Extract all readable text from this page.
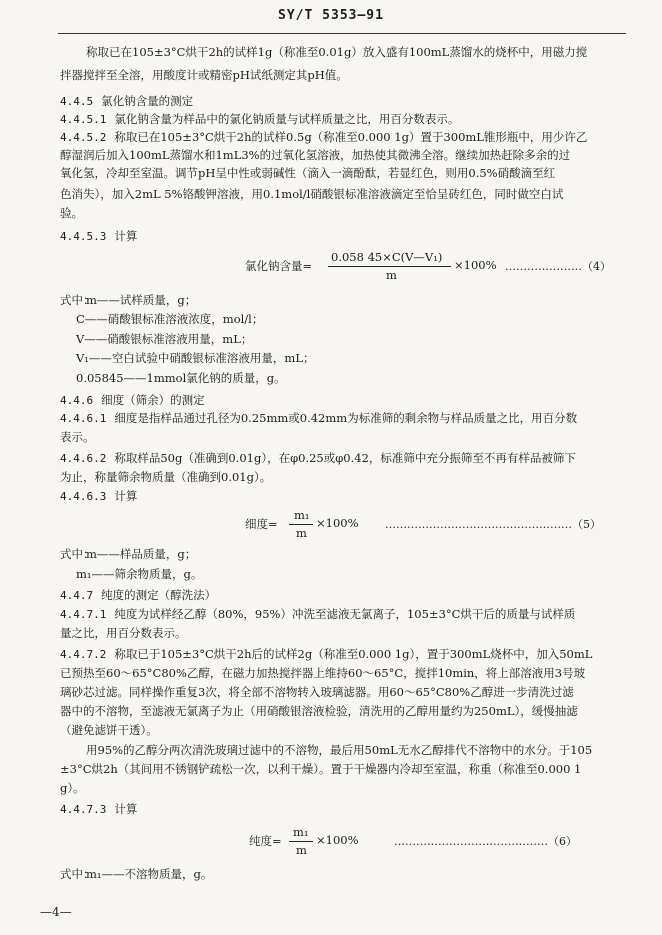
SY/T 5353—91
称取已在105±3°C烘干2h的试样1g（称准至0.01g）放入盛有100mL蒸馏水的烧杯中，用磁力搅
拌器搅拌至全溶，用酸度计或精密pH试纸测定其pH值。
4.4.5 氯化钠含量的测定
4.4.5.1 氯化钠含量为样品中的氯化钠质量与试样质量之比，用百分数表示。
4.4.5.2 称取已在105±3°C烘干2h的试样0.5g（称准至0.000 1g）置于300mL锥形瓶中，用少许乙
醇湿润后加入100mL蒸馏水和1mL3%的过氧化氢溶液，加热使其微沸全溶。继续加热赶除多余的过
氧化氢，冷却至室温。调节pH呈中性或弱碱性（滴入一滴酚酞，若显红色，则用0.5%硝酸滴至红
色消失），加入2mL 5%铬酸钾溶液，用0.1mol/l硝酸银标准溶液滴定至恰呈砖红色，同时做空白试
验。
4.4.5.3 计算
氯化钠含量=
0.058 45×C(V—V₁)
m
×100% …………………（4）
式中：
m——试样质量，g；
C——硝酸银标准溶液浓度，mol/l；
V——硝酸银标准溶液用量，mL；
V₁——空白试验中硝酸银标准溶液用量，mL；
0.05845——1mmol氯化钠的质量，g。
4.4.6 细度（筛余）的测定
4.4.6.1 细度是指样品通过孔径为0.25mm或0.42mm为标准筛的剩余物与样品质量之比，用百分数
表示。
4.4.6.2 称取样品50g（准确到0.01g），在φ0.25或φ0.42，标准筛中充分振筛至不再有样品被筛下
为止，称量筛余物质量（准确到0.01g）。
4.4.6.3 计算
细度=
m₁
m
×100% ……………………………………………（5）
式中：
m——样品质量，g；
m₁——筛余物质量，g。
4.4.7 纯度的测定（醇洗法）
4.4.7.1 纯度为试样经乙醇（80%，95%）冲洗至滤液无氯离子，105±3°C烘干后的质量与试样质
量之比，用百分数表示。
4.4.7.2 称取已于105±3°C烘干2h后的试样2g（称准至0.000 1g），置于300mL烧杯中，加入50mL
已预热至60～65°C80%乙醇，在磁力加热搅拌器上维持60～65°C，搅拌10min，将上部溶液用3号玻
璃砂芯过滤。同样操作重复3次，将全部不溶物转入玻璃滤器。用60～65°C80%乙醇进一步清洗过滤
器中的不溶物，至滤液无氯离子为止（用硝酸银溶液检验，清洗用的乙醇用量约为250mL），缓慢抽滤
（避免滤饼干透）。
用95%的乙醇分两次清洗玻璃过滤中的不溶物，最后用50mL无水乙醇排代不溶物中的水分。于105
±3°C烘2h（其间用不锈钢铲疏松一次，以利干燥）。置于干燥器内冷却至室温，称重（称准至0.000 1
g）。
4.4.7.3 计算
纯度=
m₁
m
×100%	……………………………………（6）
式中：
m₁——不溶物质量，g。
—4—
